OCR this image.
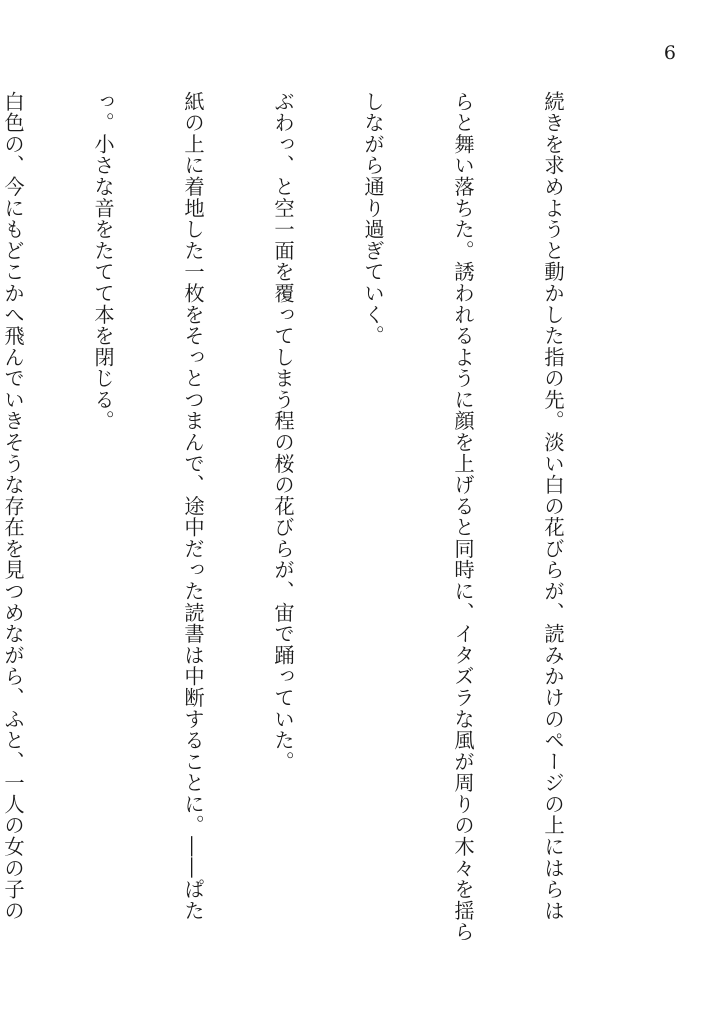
6

続きを求めようと動かした指の先。淡い白の花びらが、読みかけのページの上にはらは

らと舞い落ちた。誘われるように顔を上げると同時に、イタズラな風が周りの木々を揺ら

しながら通り過ぎていく。

ぶわっ、と空一面を覆ってしまう程の桜の花びらが、宙で踊っていた。

紙の上に着地した一枚をそっとつまんで、途中だった読書は中断することに。――ぱた

っ。小さな音をたてて本を閉じる。

白色の、今にもどこかへ飛んでいきそうな存在を見つめながら、ふと、一人の女の子の
